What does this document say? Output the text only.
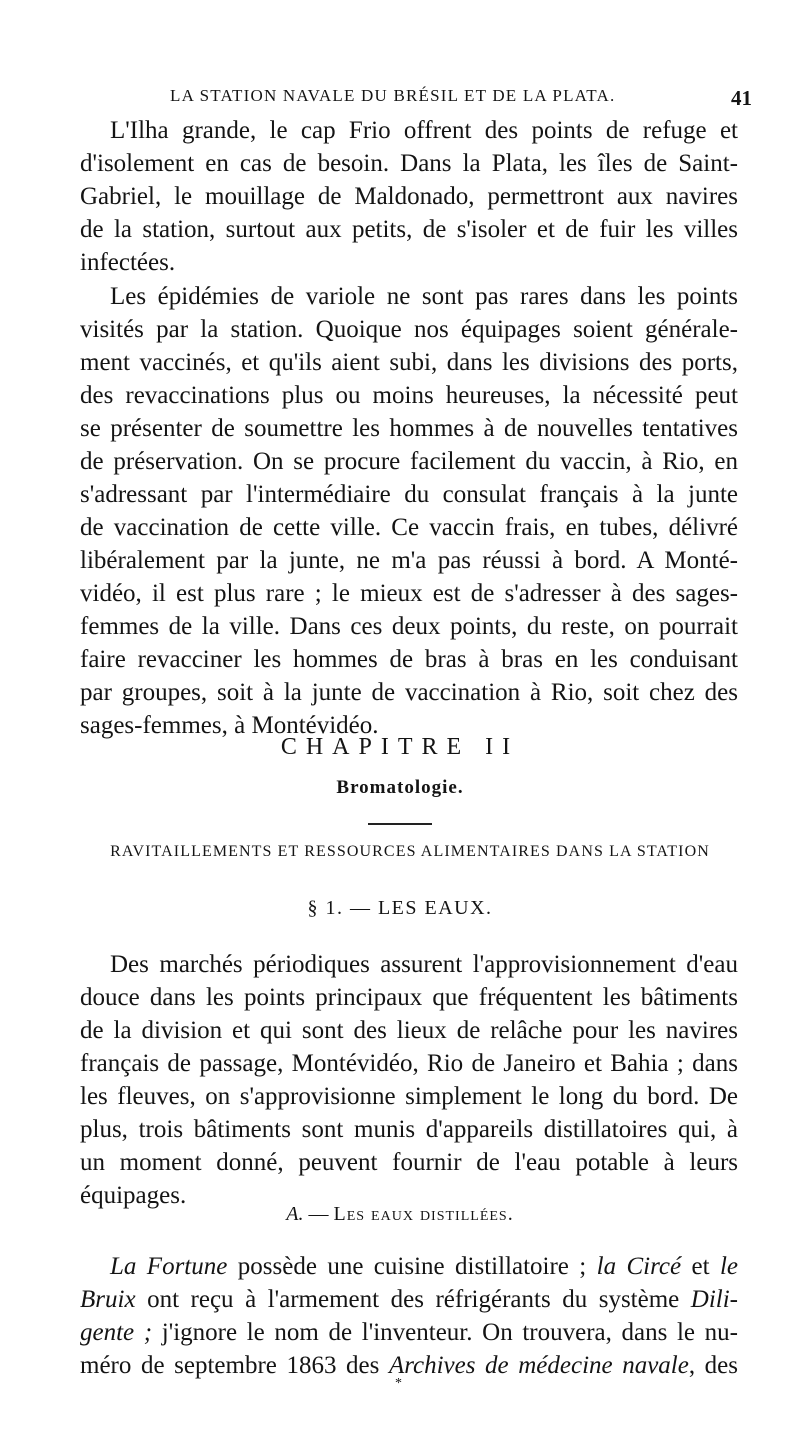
LA STATION NAVALE DU BRÉSIL ET DE LA PLATA.	41
L'Ilha grande, le cap Frio offrent des points de refuge et
d'isolement en cas de besoin. Dans la Plata, les îles de Saint-
Gabriel, le mouillage de Maldonado, permettront aux navires
de la station, surtout aux petits, de s'isoler et de fuir les villes
infectées.
Les épidémies de variole ne sont pas rares dans les points
visités par la station. Quoique nos équipages soient générale-
ment vaccinés, et qu'ils aient subi, dans les divisions des ports,
des revaccinations plus ou moins heureuses, la nécessité peut
se présenter de soumettre les hommes à de nouvelles tentatives
de préservation. On se procure facilement du vaccin, à Rio, en
s'adressant par l'intermédiaire du consulat français à la junte
de vaccination de cette ville. Ce vaccin frais, en tubes, délivré
libéralement par la junte, ne m'a pas réussi à bord. A Monté-
vidéo, il est plus rare ; le mieux est de s'adresser à des sages-
femmes de la ville. Dans ces deux points, du reste, on pourrait
faire revacciner les hommes de bras à bras en les conduisant
par groupes, soit à la junte de vaccination à Rio, soit chez des
sages-femmes, à Montévidéo.
CHAPITRE II
Bromatologie.
RAVITAILLEMENTS ET RESSOURCES ALIMENTAIRES DANS LA STATION
§ 1. — LES EAUX.
Des marchés périodiques assurent l'approvisionnement d'eau
douce dans les points principaux que fréquentent les bâtiments
de la division et qui sont des lieux de relâche pour les navires
français de passage, Montévidéo, Rio de Janeiro et Bahia ; dans
les fleuves, on s'approvisionne simplement le long du bord. De
plus, trois bâtiments sont munis d'appareils distillatoires qui, à
un moment donné, peuvent fournir de l'eau potable à leurs
équipages.
A. — Les eaux distillées.
La Fortune possède une cuisine distillatoire ; la Circé et le
Bruix ont reçu à l'armement des réfrigérants du système Dili-
gente ; j'ignore le nom de l'inventeur. On trouvera, dans le nu-
méro de septembre 1863 des Archives de médecine navale, des
*
